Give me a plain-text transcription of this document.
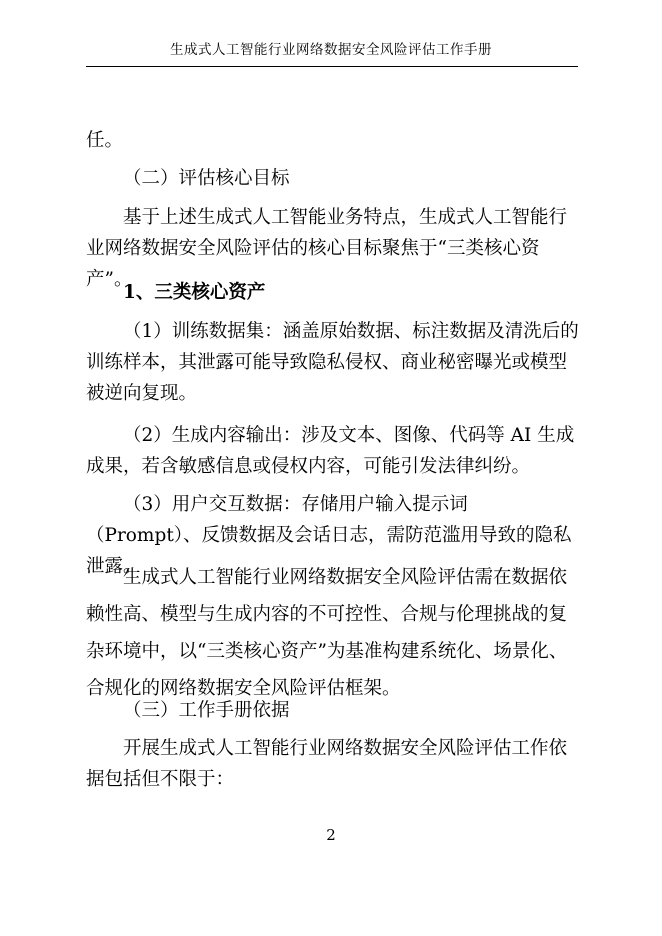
生成式人工智能行业网络数据安全风险评估工作手册

任。

（二）评估核心目标

基于上述生成式人工智能业务特点，生成式人工智能行业网络数据安全风险评估的核心目标聚焦于“三类核心资产”。

1、三类核心资产

（1）训练数据集：涵盖原始数据、标注数据及清洗后的训练样本，其泄露可能导致隐私侵权、商业秘密曝光或模型被逆向复现。

（2）生成内容输出：涉及文本、图像、代码等 AI 生成成果，若含敏感信息或侵权内容，可能引发法律纠纷。

（3）用户交互数据：存储用户输入提示词（Prompt）、反馈数据及会话日志，需防范滥用导致的隐私泄露。

生成式人工智能行业网络数据安全风险评估需在数据依赖性高、模型与生成内容的不可控性、合规与伦理挑战的复杂环境中，以“三类核心资产”为基准构建系统化、场景化、合规化的网络数据安全风险评估框架。

（三）工作手册依据

开展生成式人工智能行业网络数据安全风险评估工作依据包括但不限于：

2
